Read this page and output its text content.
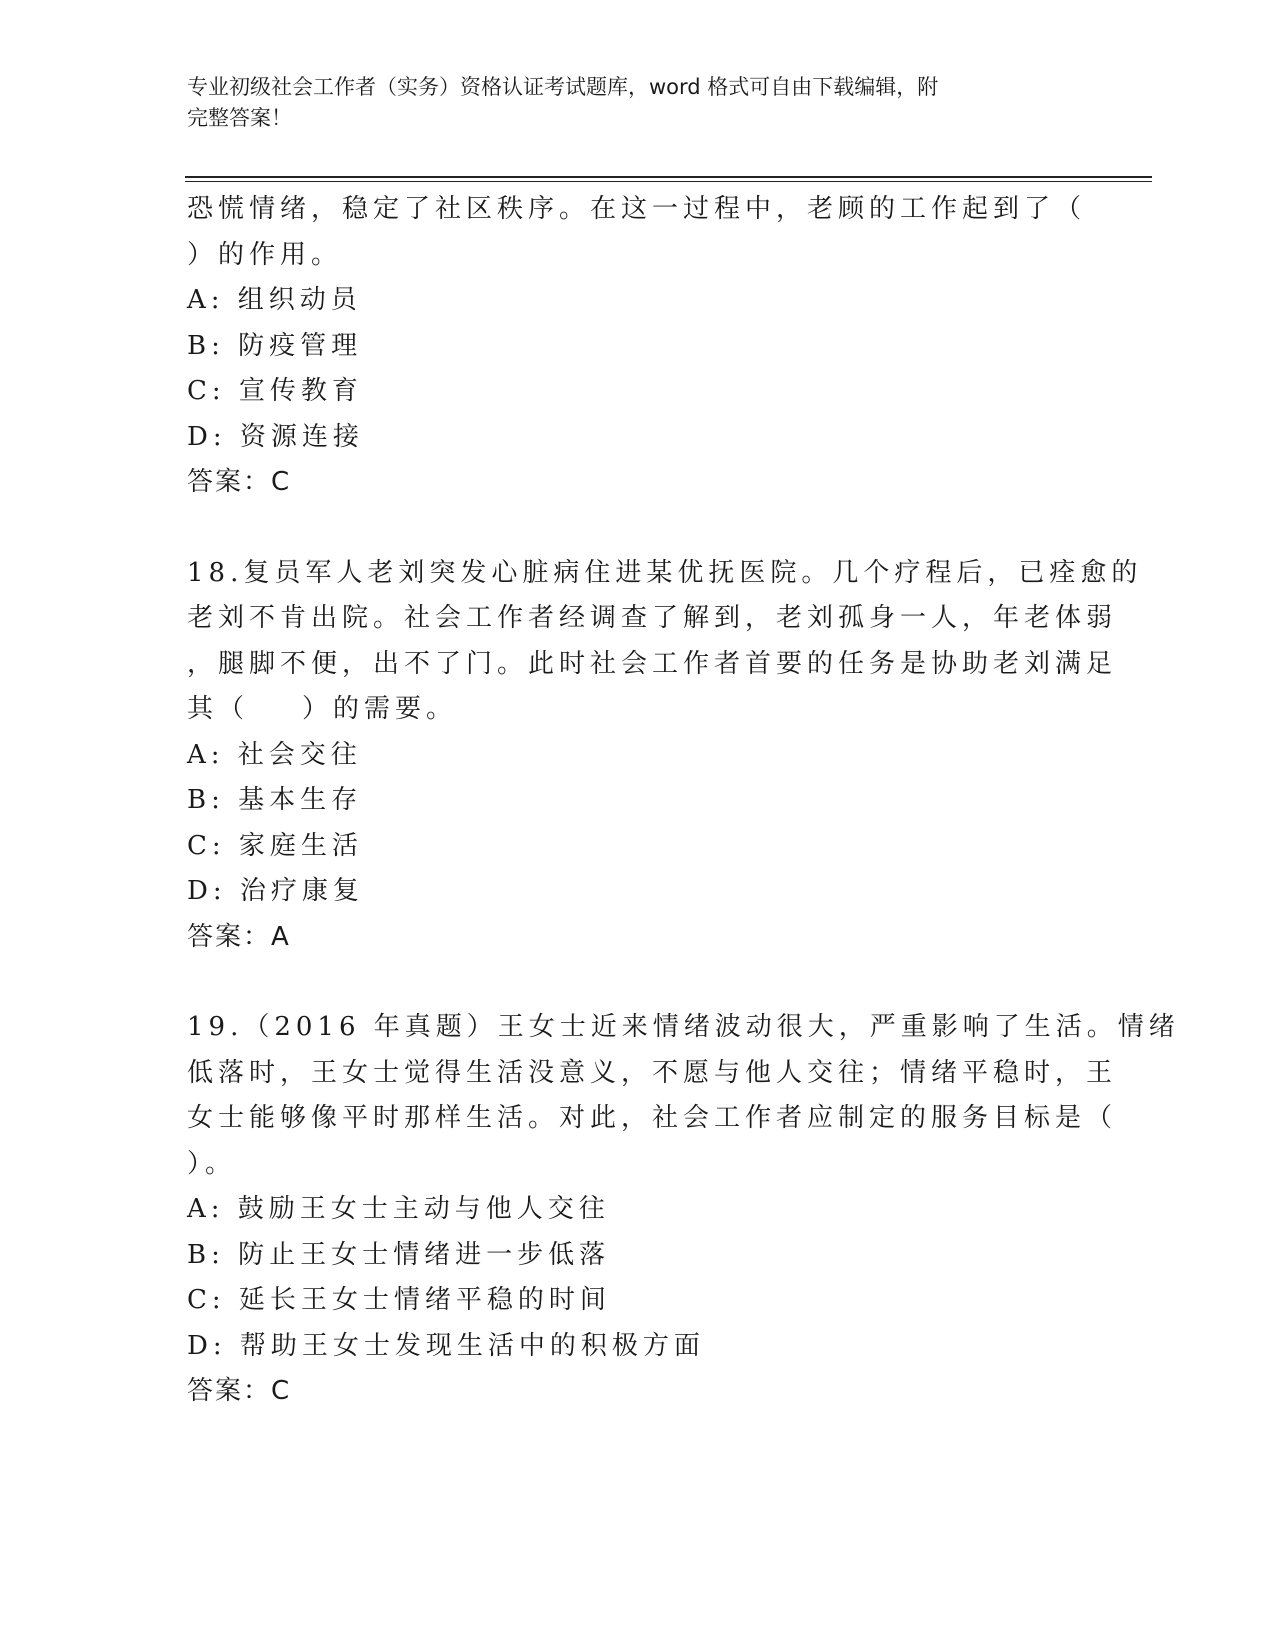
专业初级社会工作者（实务）资格认证考试题库，word 格式可自由下载编辑，附
完整答案！
恐慌情绪，稳定了社区秩序。在这一过程中，老顾的工作起到了（
）的作用。
A: 组织动员
B: 防疫管理
C: 宣传教育
D: 资源连接
答案：C
18.复员军人老刘突发心脏病住进某优抚医院。几个疗程后，已痊愈的
老刘不肯出院。社会工作者经调查了解到，老刘孤身一人，年老体弱
，腿脚不便，出不了门。此时社会工作者首要的任务是协助老刘满足
其（    ）的需要。
A: 社会交往
B: 基本生存
C: 家庭生活
D: 治疗康复
答案：A
19.（2016 年真题）王女士近来情绪波动很大，严重影响了生活。情绪
低落时，王女士觉得生活没意义，不愿与他人交往；情绪平稳时，王
女士能够像平时那样生活。对此，社会工作者应制定的服务目标是（
）。
A: 鼓励王女士主动与他人交往
B: 防止王女士情绪进一步低落
C: 延长王女士情绪平稳的时间
D: 帮助王女士发现生活中的积极方面
答案：C
